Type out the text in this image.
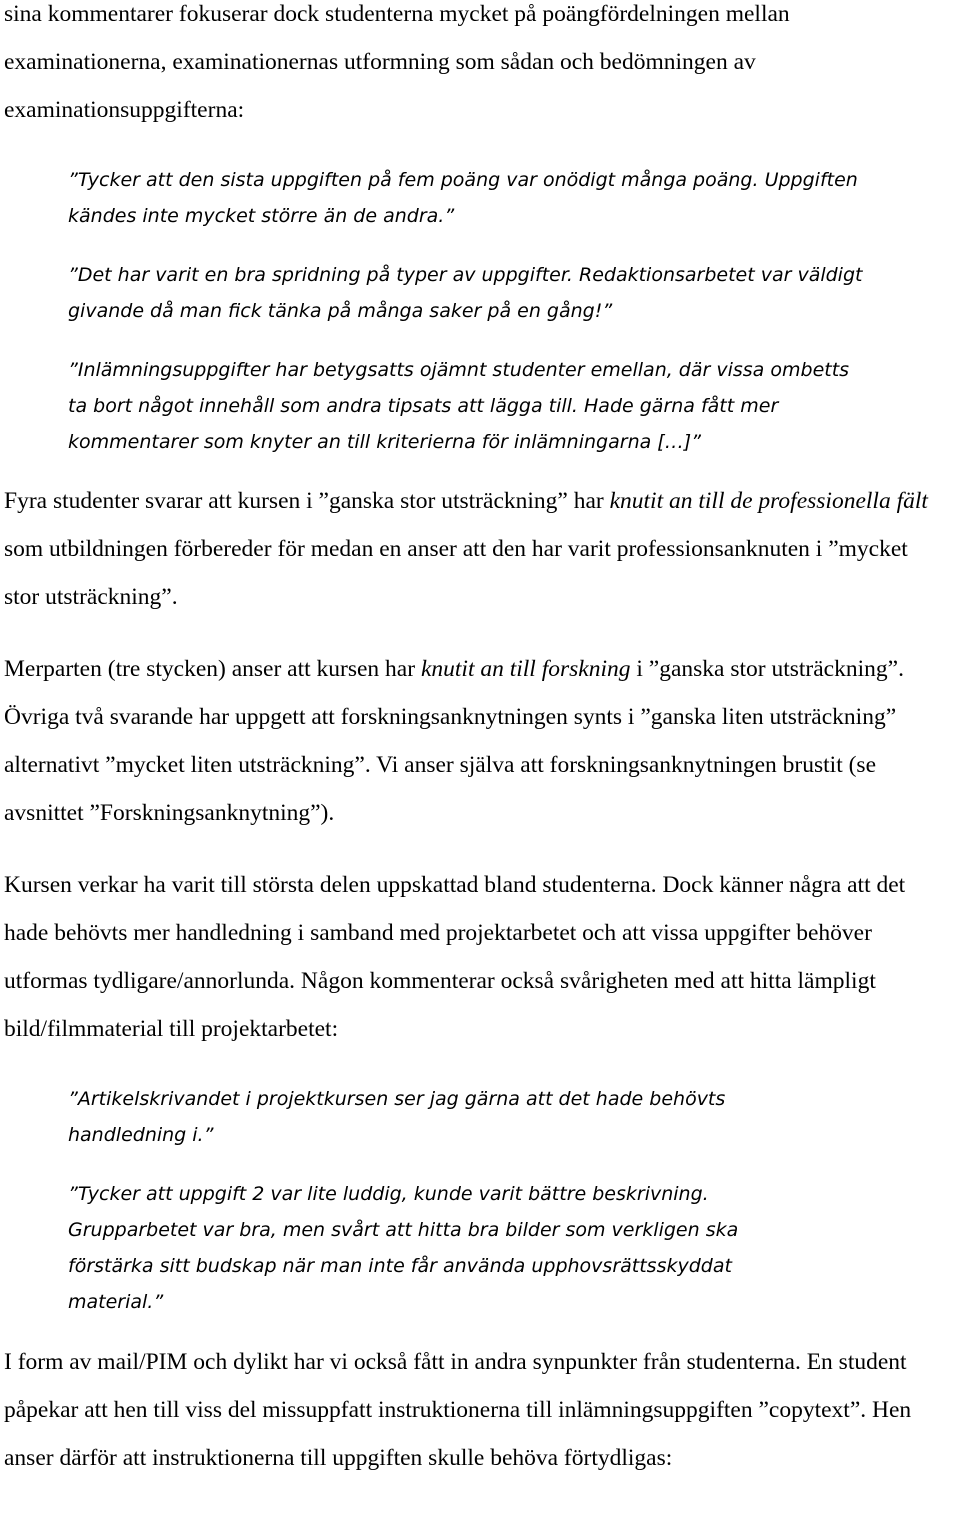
sina kommentarer fokuserar dock studenterna mycket på poängfördelningen mellan examinationerna, examinationernas utformning som sådan och bedömningen av examinationsuppgifterna:

”Tycker att den sista uppgiften på fem poäng var onödigt många poäng. Uppgiften kändes inte mycket större än de andra.”

”Det har varit en bra spridning på typer av uppgifter. Redaktionsarbetet var väldigt givande då man fick tänka på många saker på en gång!”

”Inlämningsuppgifter har betygsatts ojämnt studenter emellan, där vissa ombetts ta bort något innehåll som andra tipsats att lägga till. Hade gärna fått mer kommentarer som knyter an till kriterierna för inlämningarna […]”

Fyra studenter svarar att kursen i ”ganska stor utsträckning” har knutit an till de professionella fält som utbildningen förbereder för medan en anser att den har varit professionsanknuten i ”mycket stor utsträckning”.

Merparten (tre stycken) anser att kursen har knutit an till forskning i ”ganska stor utsträckning”. Övriga två svarande har uppgett att forskningsanknytningen synts i ”ganska liten utsträckning” alternativt ”mycket liten utsträckning”. Vi anser själva att forskningsanknytningen brustit (se avsnittet ”Forskningsanknytning”).

Kursen verkar ha varit till största delen uppskattad bland studenterna. Dock känner några att det hade behövts mer handledning i samband med projektarbetet och att vissa uppgifter behöver utformas tydligare/annorlunda. Någon kommenterar också svårigheten med att hitta lämpligt bild/filmmaterial till projektarbetet:

”Artikelskrivandet i projektkursen ser jag gärna att det hade behövts handledning i.”

”Tycker att uppgift 2 var lite luddig, kunde varit bättre beskrivning. Grupparbetet var bra, men svårt att hitta bra bilder som verkligen ska förstärka sitt budskap när man inte får använda upphovsrättsskyddat material.”

I form av mail/PIM och dylikt har vi också fått in andra synpunkter från studenterna. En student påpekar att hen till viss del missuppfatt instruktionerna till inlämningsuppgiften ”copytext”. Hen anser därför att instruktionerna till uppgiften skulle behöva förtydligas:
